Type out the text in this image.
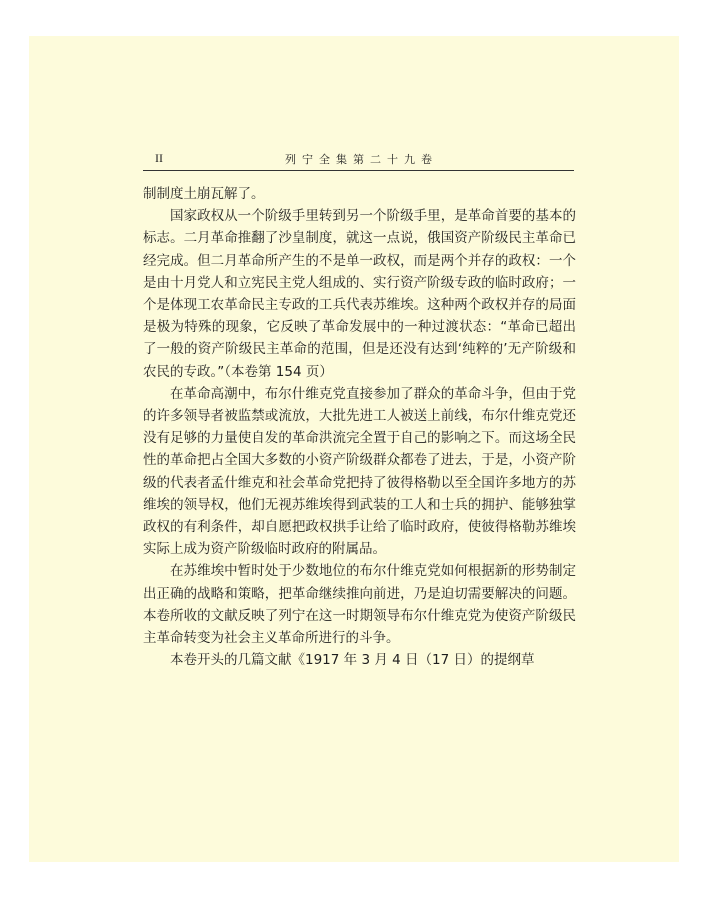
II	列宁全集第二十九卷

制制度土崩瓦解了。

国家政权从一个阶级手里转到另一个阶级手里，是革命首要的基本的标志。二月革命推翻了沙皇制度，就这一点说，俄国资产阶级民主革命已经完成。但二月革命所产生的不是单一政权，而是两个并存的政权：一个是由十月党人和立宪民主党人组成的、实行资产阶级专政的临时政府；一个是体现工农革命民主专政的工兵代表苏维埃。这种两个政权并存的局面是极为特殊的现象，它反映了革命发展中的一种过渡状态：“革命已超出了一般的资产阶级民主革命的范围，但是还没有达到‘纯粹的’无产阶级和农民的专政。”（本卷第 154 页）

在革命高潮中，布尔什维克党直接参加了群众的革命斗争，但由于党的许多领导者被监禁或流放，大批先进工人被送上前线，布尔什维克党还没有足够的力量使自发的革命洪流完全置于自己的影响之下。而这场全民性的革命把占全国大多数的小资产阶级群众都卷了进去，于是，小资产阶级的代表者孟什维克和社会革命党把持了彼得格勒以至全国许多地方的苏维埃的领导权，他们无视苏维埃得到武装的工人和士兵的拥护、能够独掌政权的有利条件，却自愿把政权拱手让给了临时政府，使彼得格勒苏维埃实际上成为资产阶级临时政府的附属品。

在苏维埃中暂时处于少数地位的布尔什维克党如何根据新的形势制定出正确的战略和策略，把革命继续推向前进，乃是迫切需要解决的问题。本卷所收的文献反映了列宁在这一时期领导布尔什维克党为使资产阶级民主革命转变为社会主义革命所进行的斗争。

本卷开头的几篇文献《1917 年 3 月 4 日（17 日）的提纲草
